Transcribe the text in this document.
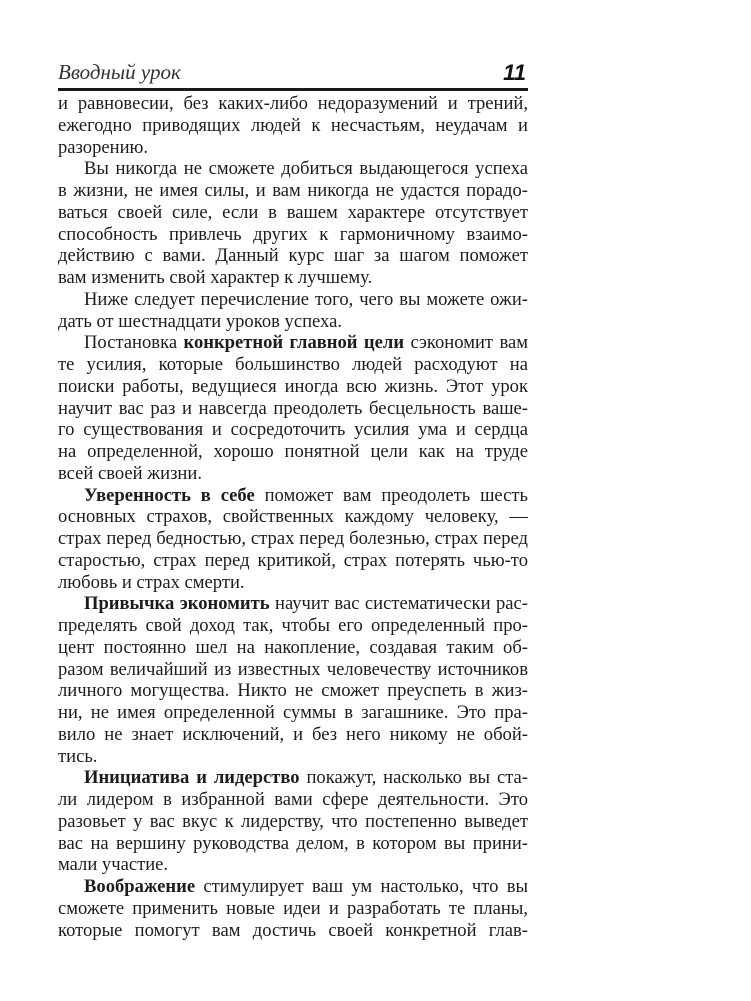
Вводный урок	11
и равновесии, без каких-либо недоразумений и трений,
ежегодно приводящих людей к несчастьям, неудачам и
разорению.
Вы никогда не сможете добиться выдающегося успеха
в жизни, не имея силы, и вам никогда не удастся порадо-
ваться своей силе, если в вашем характере отсутствует
способность привлечь других к гармоничному взаимо-
действию с вами. Данный курс шаг за шагом поможет
вам изменить свой характер к лучшему.
Ниже следует перечисление того, чего вы можете ожи-
дать от шестнадцати уроков успеха.
Постановка конкретной главной цели сэкономит вам
те усилия, которые большинство людей расходуют на
поиски работы, ведущиеся иногда всю жизнь. Этот урок
научит вас раз и навсегда преодолеть бесцельность ваше-
го существования и сосредоточить усилия ума и сердца
на определенной, хорошо понятной цели как на труде
всей своей жизни.
Уверенность в себе поможет вам преодолеть шесть
основных страхов, свойственных каждому человеку, —
страх перед бедностью, страх перед болезнью, страх перед
старостью, страх перед критикой, страх потерять чью-то
любовь и страх смерти.
Привычка экономить научит вас систематически рас-
пределять свой доход так, чтобы его определенный про-
цент постоянно шел на накопление, создавая таким об-
разом величайший из известных человечеству источников
личного могущества. Никто не сможет преуспеть в жиз-
ни, не имея определенной суммы в загашнике. Это пра-
вило не знает исключений, и без него никому не обой-
тись.
Инициатива и лидерство покажут, насколько вы ста-
ли лидером в избранной вами сфере деятельности. Это
разовьет у вас вкус к лидерству, что постепенно выведет
вас на вершину руководства делом, в котором вы прини-
мали участие.
Воображение стимулирует ваш ум настолько, что вы
сможете применить новые идеи и разработать те планы,
которые помогут вам достичь своей конкретной глав-
